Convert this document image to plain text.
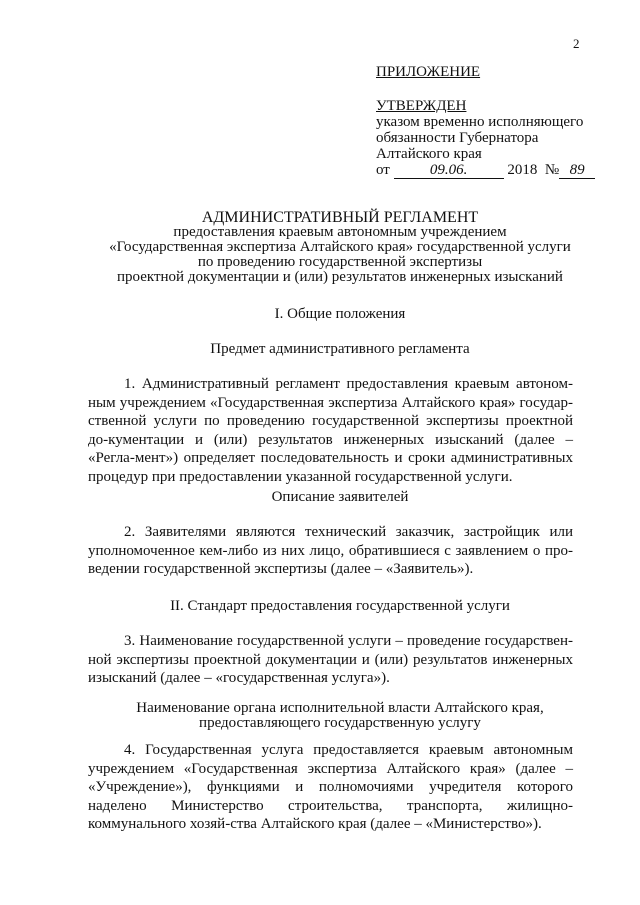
2
ПРИЛОЖЕНИЕ
УТВЕРЖДЕН
указом временно исполняющего
обязанности Губернатора
Алтайского края
от	09.06.	2018 № 89
АДМИНИСТРАТИВНЫЙ РЕГЛАМЕНТ
предоставления краевым автономным учреждением
«Государственная экспертиза Алтайского края» государственной услуги
по проведению государственной экспертизы
проектной документации и (или) результатов инженерных изысканий
I. Общие положения
Предмет административного регламента
1. Административный регламент предоставления краевым автоном-ным учреждением «Государственная экспертиза Алтайского края» государ-ственной услуги по проведению государственной экспертизы проектной до-кументации и (или) результатов инженерных изысканий (далее – «Регла-мент») определяет последовательность и сроки административных процедур при предоставлении указанной государственной услуги.
Описание заявителей
2. Заявителями являются технический заказчик, застройщик или уполномоченное кем-либо из них лицо, обратившиеся с заявлением о про-ведении государственной экспертизы (далее – «Заявитель»).
II. Стандарт предоставления государственной услуги
3. Наименование государственной услуги – проведение государствен-ной экспертизы проектной документации и (или) результатов инженерных изысканий (далее – «государственная услуга»).
Наименование органа исполнительной власти Алтайского края,
предоставляющего государственную услугу
4. Государственная услуга предоставляется краевым автономным учреждением «Государственная экспертиза Алтайского края» (далее – «Учреждение»), функциями и полномочиями учредителя которого наделено Министерство строительства, транспорта, жилищно-коммунального хозяй-ства Алтайского края (далее – «Министерство»).
